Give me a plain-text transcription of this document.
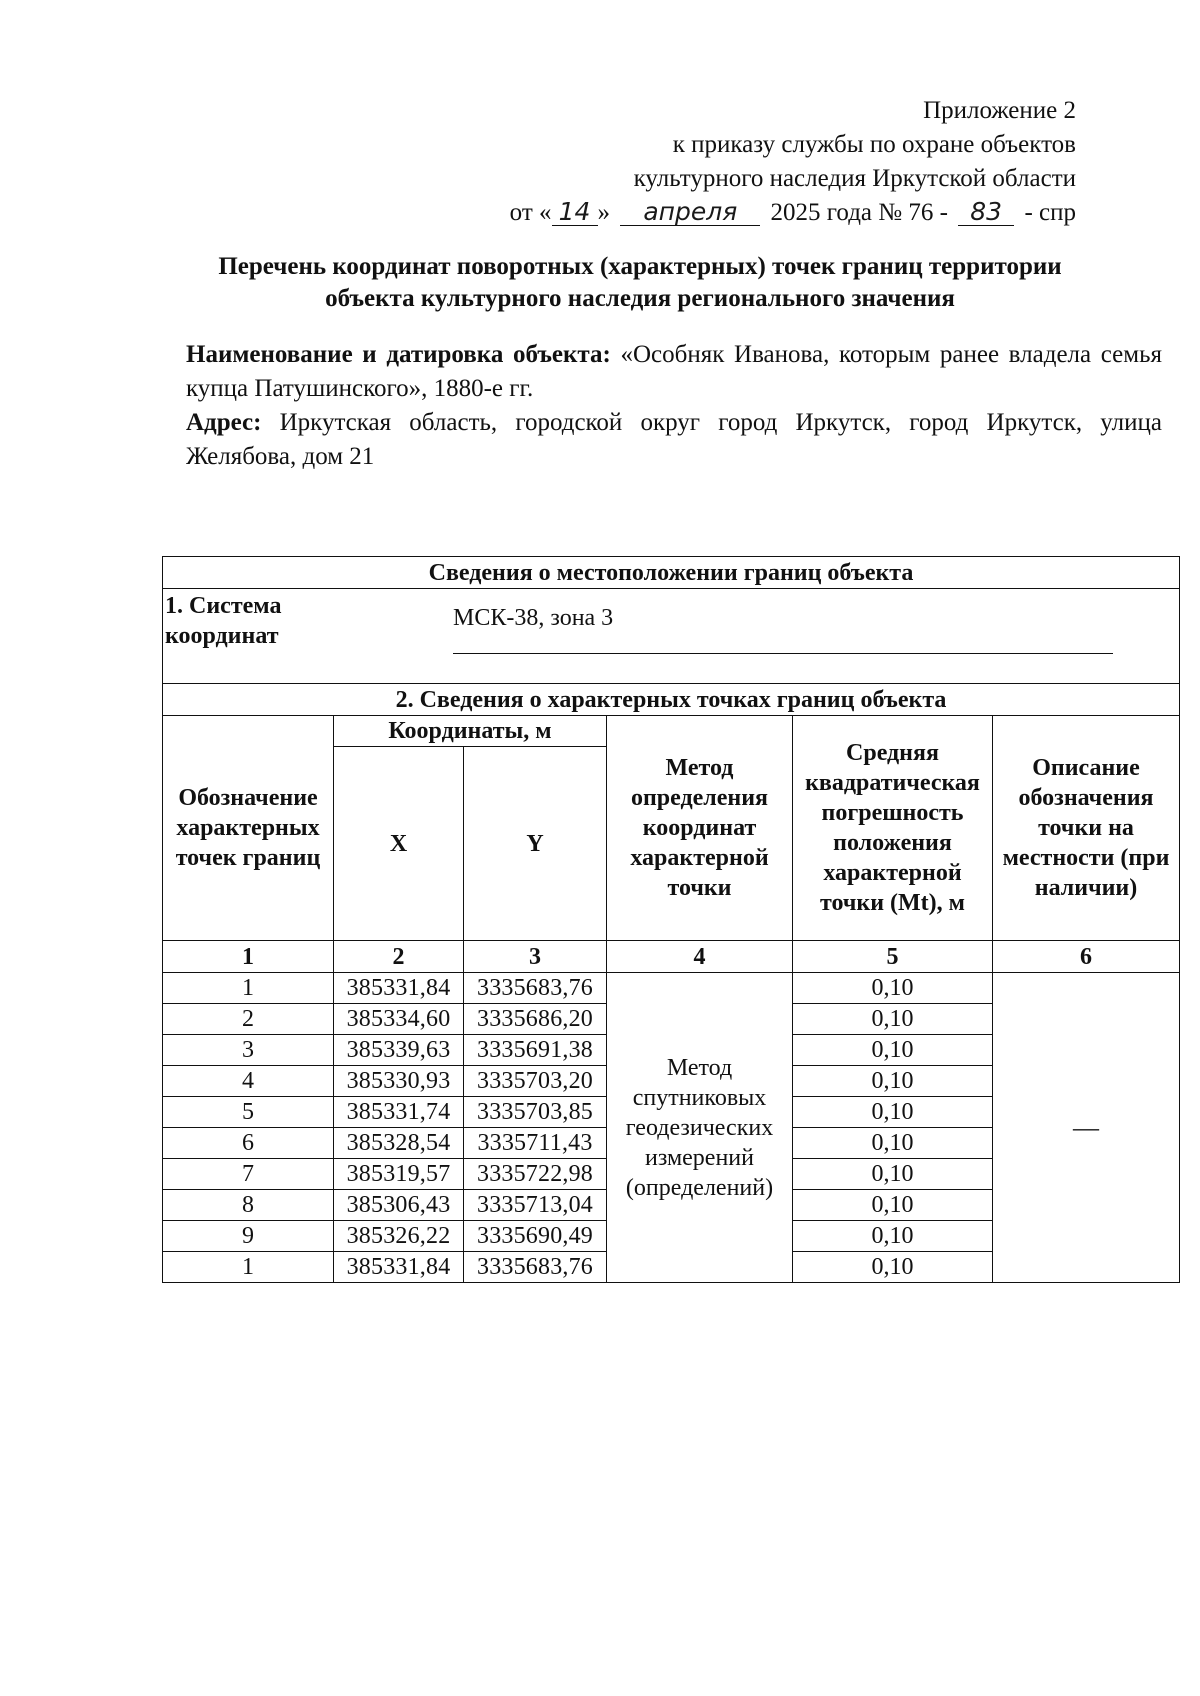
Приложение 2
к приказу службы по охране объектов
культурного наследия Иркутской области
от « 14 » апреля 2025 года № 76 - 83 - спр
Перечень координат поворотных (характерных) точек границ территории
объекта культурного наследия регионального значения

Наименование и датировка объекта: «Особняк Иванова, которым ранее владела семья купца Патушинского», 1880-е гг.

Адрес: Иркутская область, городской округ город Иркутск, город Иркутск, улица Желябова, дом 21

Сведения о местоположении границ объекта					

1. Система координат
МСК-38, зона 3					

2. Сведения о характерных точках границ объекта					
Обозначение характерных точек границ	Координаты, м		Метод определения координат характерной точки	Средняя квадратическая погрешность положения характерной точки (Mt), м	Описание обозначения точки на местности (при наличии)
	X	Y			
1	2	3	4	5	6
1	385331,84	3335683,76	Метод спутниковых геодезических измерений (определений)	0,10	—
2	385334,60	3335686,20		0,10	
3	385339,63	3335691,38		0,10	
4	385330,93	3335703,20		0,10	
5	385331,74	3335703,85		0,10	
6	385328,54	3335711,43		0,10	
7	385319,57	3335722,98		0,10	
8	385306,43	3335713,04		0,10	
9	385326,22	3335690,49		0,10	
1	385331,84	3335683,76		0,10	
